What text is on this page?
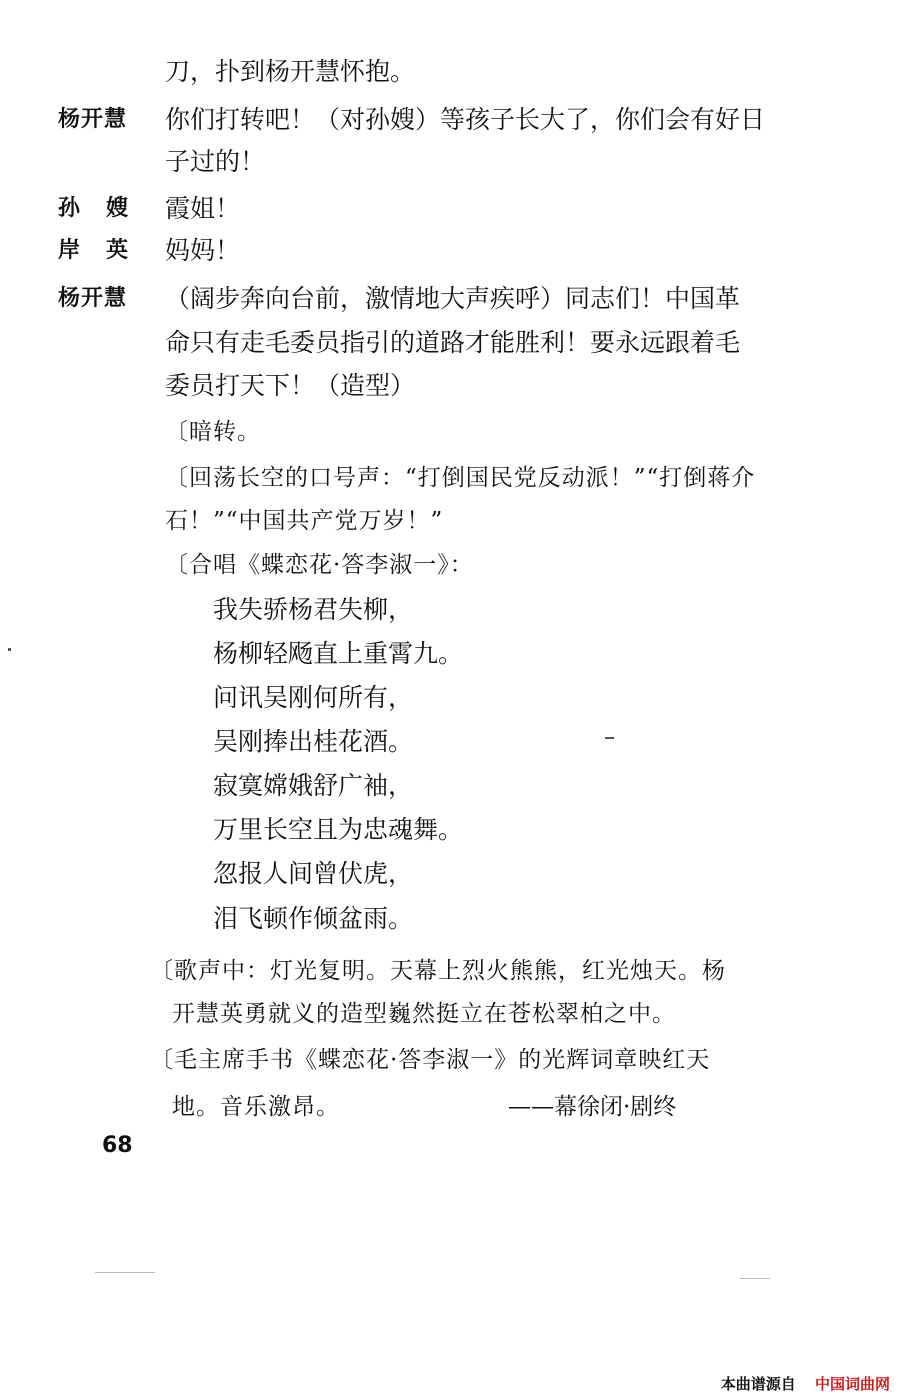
刀，扑到杨开慧怀抱。
杨开慧 你们打转吧！（对孙嫂）等孩子长大了，你们会有好日
子过的！
孙嫂 霞姐！
岸英 妈妈！
杨开慧 （阔步奔向台前，激情地大声疾呼）同志们！中国革
命只有走毛委员指引的道路才能胜利！要永远跟着毛
委员打天下！（造型）
〔暗转。
〔回荡长空的口号声：“打倒国民党反动派！”“打倒蒋介
石！”“中国共产党万岁！”
〔合唱《蝶恋花·答李淑一》：
我失骄杨君失柳，
杨柳轻飏直上重霄九。
问讯吴刚何所有，
吴刚捧出桂花酒。
寂寞嫦娥舒广袖，
万里长空且为忠魂舞。
忽报人间曾伏虎，
泪飞顿作倾盆雨。
〔歌声中：灯光复明。天幕上烈火熊熊，红光烛天。杨
开慧英勇就义的造型巍然挺立在苍松翠柏之中。
〔毛主席手书《蝶恋花·答李淑一》的光辉词章映红天
地。音乐激昂。	——幕徐闭·剧终
68
本曲谱源自 中国词曲网
